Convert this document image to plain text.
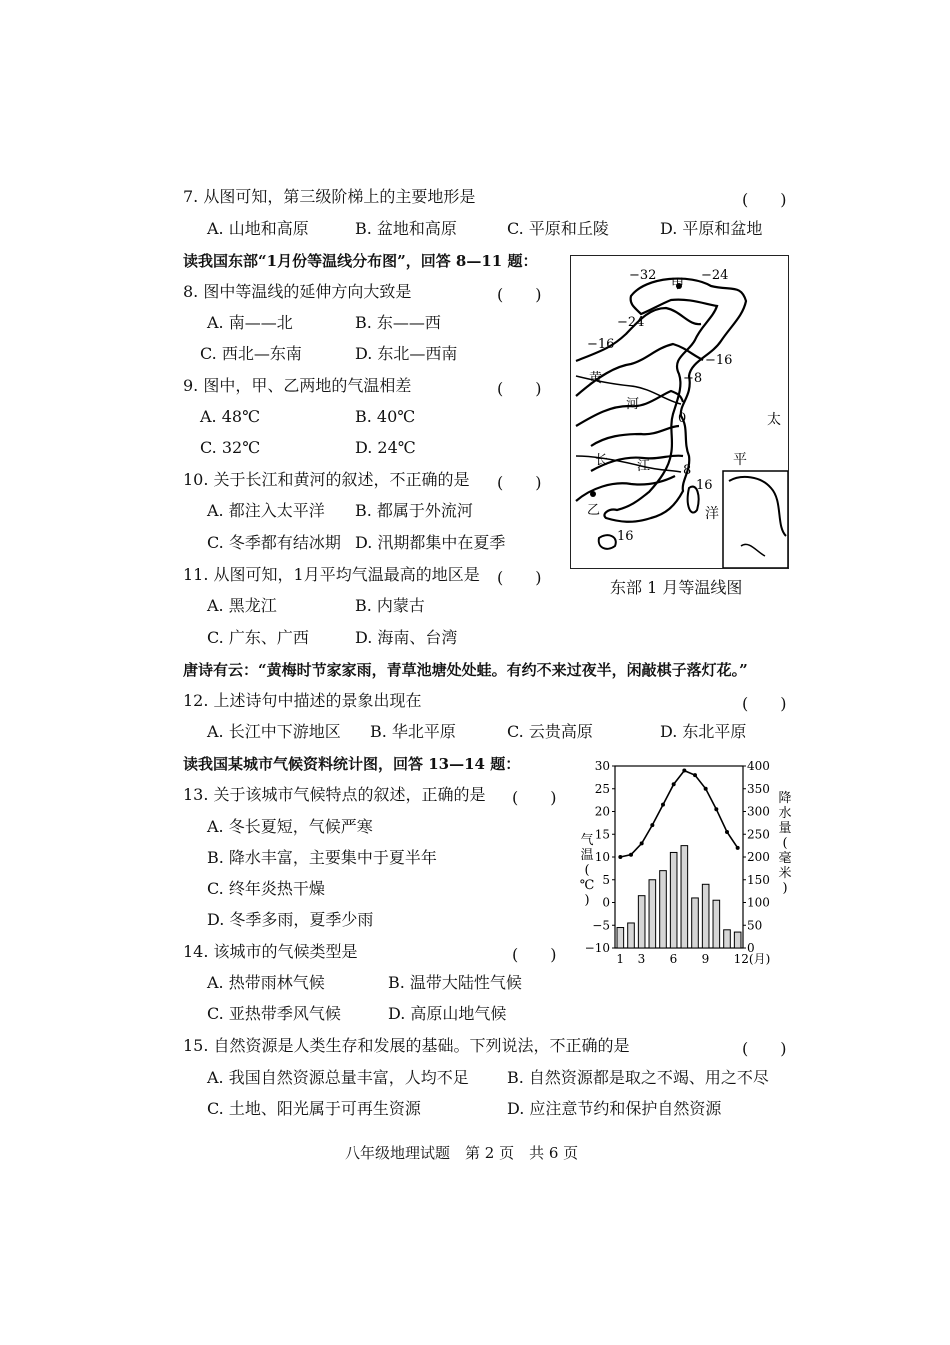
7. 从图可知，第三级阶梯上的主要地形是	(　　)
A. 山地和高原	B. 盆地和高原	C. 平原和丘陵	D. 平原和盆地
读我国东部“1月份等温线分布图”，回答 8—11 题：
8. 图中等温线的延伸方向大致是	(　　)
A. 南——北	B. 东——西
C. 西北—东南	D. 东北—西南
9. 图中，甲、乙两地的气温相差	(　　)
A. 48℃	B. 40℃
C. 32℃	D. 24℃
10. 关于长江和黄河的叙述，不正确的是 (　　)
A. 都注入太平洋 B. 都属于外流河
C. 冬季都有结冰期 D. 汛期都集中在夏季
11. 从图可知，1月平均气温最高的地区是 (　　)
A. 黑龙江	B. 内蒙古
C. 广东、广西	D. 海南、台湾
−32	−24
−24
−16
−16
−8
0
8
16
16
甲
乙
黄
河
长 江
太
平
洋
东部 1 月等温线图
唐诗有云：“黄梅时节家家雨，青草池塘处处蛙。有约不来过夜半，闲敲棋子落灯花。”
12. 上述诗句中描述的景象出现在	(　　)
A. 长江中下游地区 B. 华北平原	C. 云贵高原	D. 东北平原
读我国某城市气候资料统计图，回答 13—14 题：
13. 关于该城市气候特点的叙述，正确的是 (　　)
A. 冬长夏短，气候严寒
B. 降水丰富，主要集中于夏半年
C. 终年炎热干燥
D. 冬季多雨，夏季少雨
14. 该城市的气候类型是	(　　)
A. 热带雨林气候	B. 温带大陆性气候
C. 亚热带季风气候	D. 高原山地气候
30
25
20
15
10
5
0
−5
−10
400
350
300
250
200
150
100
50
0
1 3 6 9 12(月)
气
温
(
℃
)
降
水
量
(
毫
米
)
15. 自然资源是人类生存和发展的基础。下列说法，不正确的是	(　　)
A. 我国自然资源总量丰富，人均不足 B. 自然资源都是取之不竭、用之不尽
C. 土地、阳光属于可再生资源	D. 应注意节约和保护自然资源
八年级地理试题　第 2 页　共 6 页
